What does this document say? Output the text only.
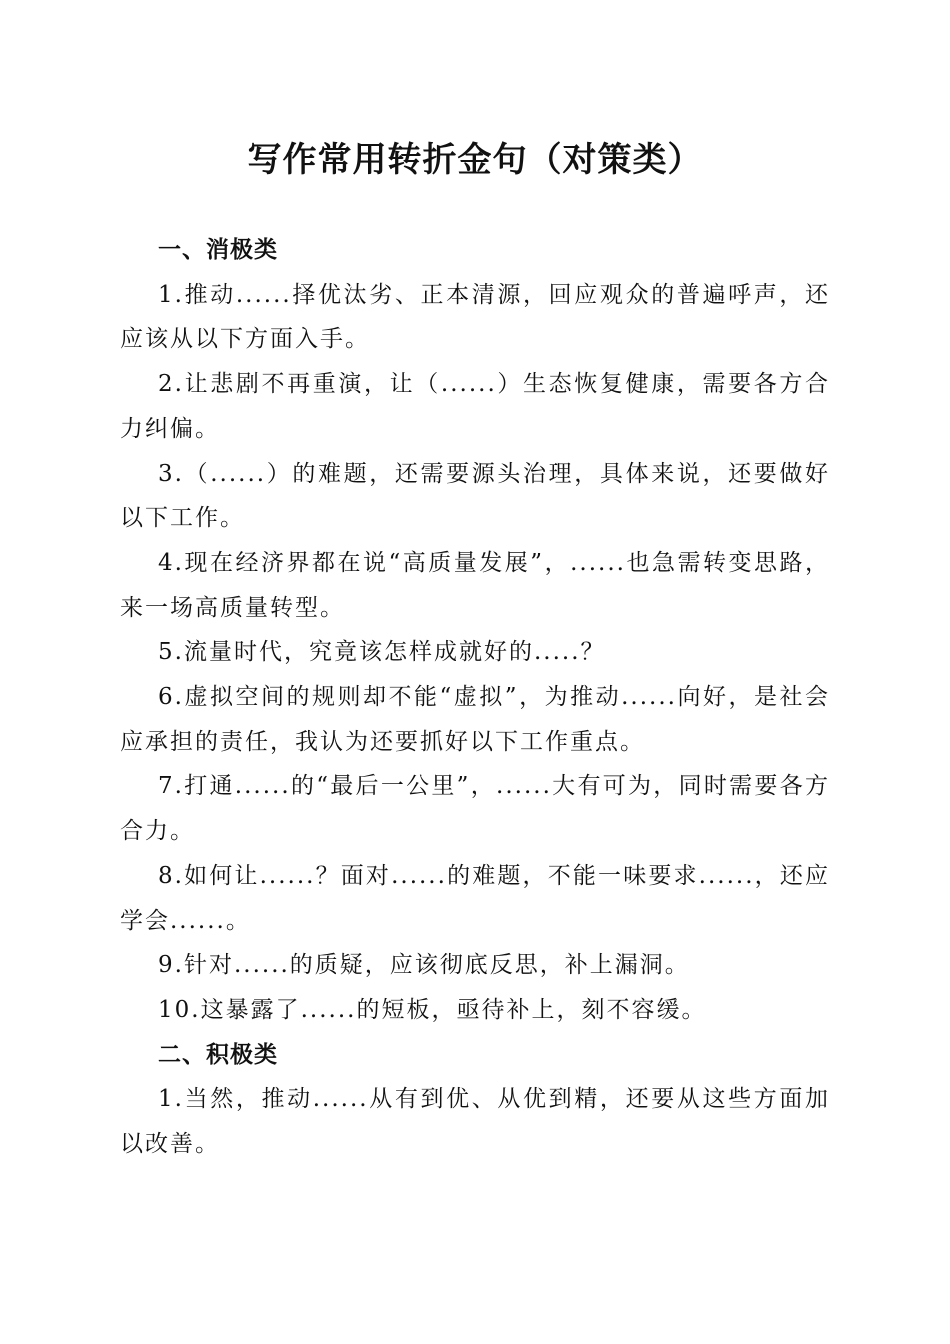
写作常用转折金句（对策类）

一、消极类

1.推动......择优汰劣、正本清源，回应观众的普遍呼声，还应该从以下方面入手。

2.让悲剧不再重演，让（......）生态恢复健康，需要各方合力纠偏。

3.（......）的难题，还需要源头治理，具体来说，还要做好以下工作。

4.现在经济界都在说“高质量发展”，......也急需转变思路，来一场高质量转型。

5.流量时代，究竟该怎样成就好的.....？

6.虚拟空间的规则却不能“虚拟”，为推动......向好，是社会应承担的责任，我认为还要抓好以下工作重点。

7.打通......的“最后一公里”，......大有可为，同时需要各方合力。

8.如何让......？面对......的难题，不能一味要求......，还应学会......。

9.针对......的质疑，应该彻底反思，补上漏洞。

10.这暴露了......的短板，亟待补上，刻不容缓。

二、积极类

1.当然，推动......从有到优、从优到精，还要从这些方面加以改善。
